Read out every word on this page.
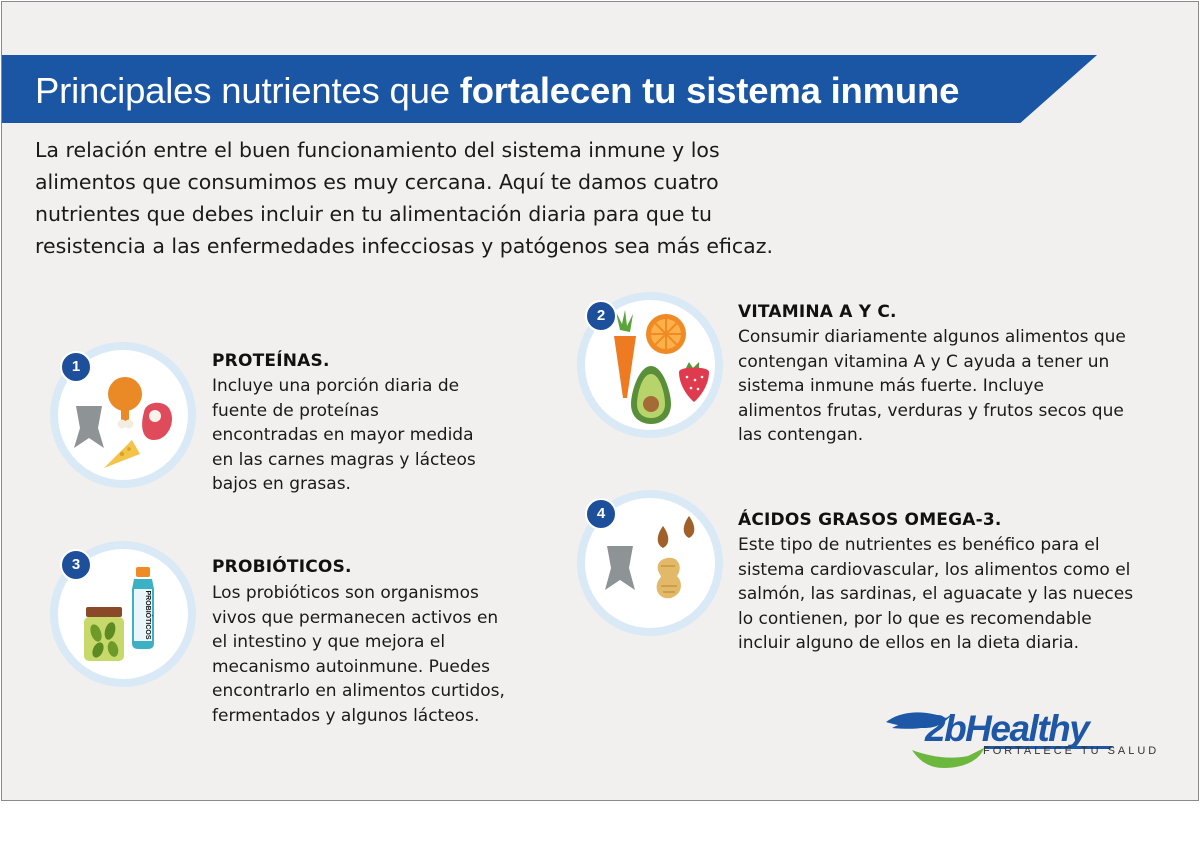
Principales nutrientes que fortalecen tu sistema inmune
La relación entre el buen funcionamiento del sistema inmune y los
alimentos que consumimos es muy cercana. Aquí te damos cuatro
nutrientes que debes incluir en tu alimentación diaria para que tu
resistencia a las enfermedades infecciosas y patógenos sea más eficaz.
1	PROTEÍNAS.
Incluye una porción diaria de
fuente de proteínas
encontradas en mayor medida
en las carnes magras y lácteos
bajos en grasas.
2	VITAMINA A Y C.
Consumir diariamente algunos alimentos que
contengan vitamina A y C ayuda a tener un
sistema inmune más fuerte. Incluye
alimentos frutas, verduras y frutos secos que
las contengan.
PROBIÓTICOS
3	PROBIÓTICOS.
Los probióticos son organismos
vivos que permanecen activos en
el intestino y que mejora el
mecanismo autoinmune. Puedes
encontrarlo en alimentos curtidos,
fermentados y algunos lácteos.
4	ÁCIDOS GRASOS OMEGA-3.
Este tipo de nutrientes es benéfico para el
sistema cardiovascular, los alimentos como el
salmón, las sardinas, el aguacate y las nueces
lo contienen, por lo que es recomendable
incluir alguno de ellos en la dieta diaria.
2bHealthy
FORTALECE TU SALUD
